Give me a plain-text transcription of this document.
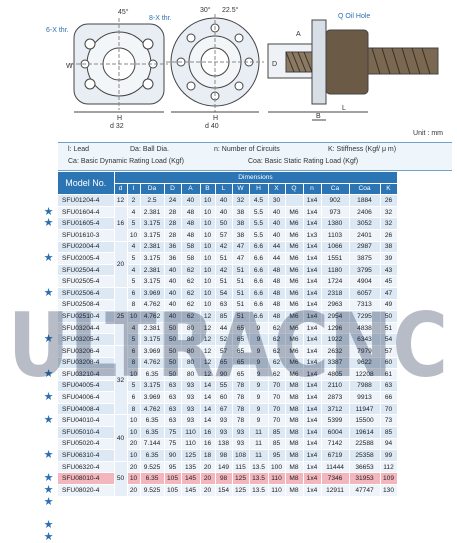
6-X thr.
45°
W
H
d 32
8-X thr.
30° 22.5°
H
d 40
Q Oil Hole
D
B
L
A
Unit : mm
l: Lead	Da: Ball Dia.	n: Number of Circuits	K: Stiffness (Kgf/ μ m)
Ca: Basic Dynamic Rating Load (Kgf)	Coa: Basic Static Rating Load (Kgf)
Model No.	Dimensions														
	d	I	Da	D	A	B	L	W	H	X	Q	n	Ca	Coa	K
SFU01204-4	12	2	2.5	24	40	10	40	32	4.5	30		1x4	902	1884	26
SFU01604-4	16	4	2.381	28	48	10	40	38	5.5	40	M6	1x4	973	2406	32
SFU01605-4		5	3.175	28	48	10	50	38	5.5	40	M6	1x4	1380	3052	32
SFU01610-3		10	3.175	28	48	10	57	38	5.5	40	M6	1x3	1103	2401	26
SFU02004-4	20	4	2.381	36	58	10	42	47	6.6	44	M6	1x4	1066	2987	38
SFU02005-4		5	3.175	36	58	10	51	47	6.6	44	M6	1x4	1551	3875	39
SFU02504-4		4	2.381	40	62	10	42	51	6.6	48	M6	1x4	1180	3795	43
SFU02505-4		5	3.175	40	62	10	51	51	6.6	48	M6	1x4	1724	4904	45
SFU02506-4	25	6	3.969	40	62	10	54	51	6.6	48	M6	1x4	2318	6057	47
SFU02508-4		8	4.762	40	62	10	63	51	6.6	48	M6	1x4	2963	7313	49
SFU02510-4		10	4.762	40	62	12	85	51	6.6	48	M6	1x4	2954	7295	50
SFU03204-4		4	2.381	50	80	12	44	65	9	62	M6	1x4	1296	4838	51
SFU03205-4		5	3.175	50	80	12	52	65	9	62	M6	1x4	1922	6343	54
SFU03206-4	32	6	3.969	50	80	12	57	65	9	62	M6	1x4	2632	7979	57
SFU03208-4		8	4.762	50	80	12	65	65	9	62	M6	1x4	3387	9622	60
SFU03210-4		10	6.35	50	80	12	90	65	9	62	M6	1x4	4805	12208	61
SFU04005-4		5	3.175	63	93	14	55	78	9	70	M8	1x4	2110	7988	63
SFU04006-4		6	3.969	63	93	14	60	78	9	70	M8	1x4	2873	9913	66
SFU04008-4		8	4.762	63	93	14	67	78	9	70	M8	1x4	3712	11947	70
SFU04010-4	40	10	6.35	63	93	14	93	78	9	70	M8	1x4	5399	15500	73
SFU05010-4		10	6.35	75	110	16	93	93	11	85	M8	1x4	6004	19614	85
SFU05020-4		20	7.144	75	110	16	138	93	11	85	M8	1x4	7142	22588	94
SFU06310-4		10	6.35	90	125	18	98	108	11	95	M8	1x4	6719	25358	99
SFU06320-4	50	20	9.525	95	135	20	149	115	13.5	100	M8	1x4	11444	36653	112
SFU08010-4		10	6.35	105	145	20	98	125	13.5	110	M8	1x4	7346	31953	109
SFU08020-4		20	9.525	105	145	20	154	125	13.5	110	M8	1x4	12911	47747	130
★
★
★
★
★
★
★
★
★
★
★
★
★
★
ULTRACNC
